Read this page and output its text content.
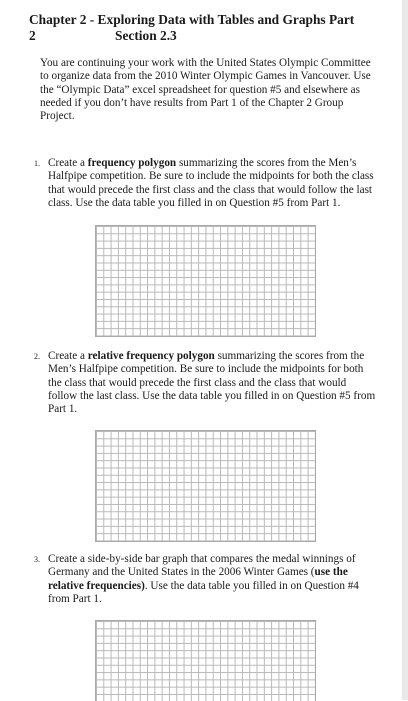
Chapter 2 - Exploring Data with Tables and Graphs Part
2	Section 2.3
You are continuing your work with the United States Olympic Committee to organize data from the 2010 Winter Olympic Games in Vancouver. Use the “Olympic Data” excel spreadsheet for question #5 and elsewhere as needed if you don’t have results from Part 1 of the Chapter 2 Group Project.
1. Create a frequency polygon summarizing the scores from the Men’s Halfpipe competition. Be sure to include the midpoints for both the class that would precede the first class and the class that would follow the last class. Use the data table you filled in on Question #5 from Part 1.
2. Create a relative frequency polygon summarizing the scores from the Men’s Halfpipe competition. Be sure to include the midpoints for both the class that would precede the first class and the class that would follow the last class. Use the data table you filled in on Question #5 from Part 1.
3. Create a side-by-side bar graph that compares the medal winnings of Germany and the United States in the 2006 Winter Games (use the relative frequencies). Use the data table you filled in on Question #4 from Part 1.
